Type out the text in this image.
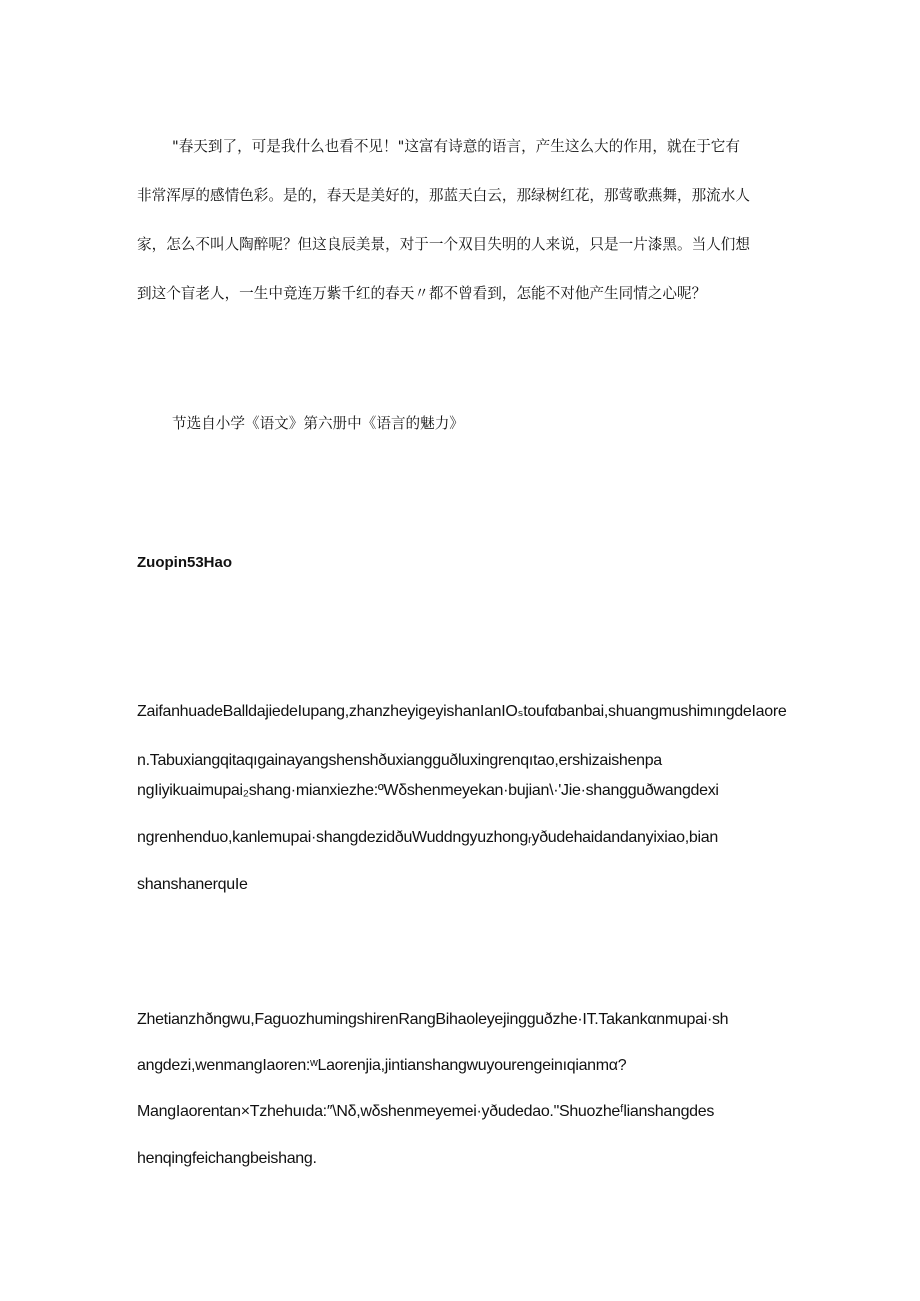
"春天到了，可是我什么也看不见！"这富有诗意的语言，产生这么大的作用，就在于它有
非常浑厚的感情色彩。是的，春天是美好的，那蓝天白云，那绿树红花，那莺歌燕舞，那流水人
家，怎么不叫人陶醉呢？但这良辰美景，对于一个双目失明的人来说，只是一片漆黑。当人们想
到这个盲老人，一生中竟连万紫千红的春天〃都不曾看到，怎能不对他产生同情之心呢？
节选自小学《语文》第六册中《语言的魅力》
Zuopin53Hao
ZaifanhuadeBalldajiedeIupang,zhanzheyigeyishanIanIOₛtoufαbanbai,shuangmushimıngdeIaoren.Tabuxiangqitaqıgainayangshenshðuxiangguðluxingrenqıtao,ershizaishenpa
ngIiyikuaimupai₂shang·mianxiezhe:ºWδshenmeyekan·bujian\·'Jie·shangguðwangdexi
ngrenhenduo,kanlemupai·shangdezidðuWuddngyuzhongᵣyðudehaidandanyixiao,bian
shanshanerquIe
Zhetianzhðngwu,FaguozhumingshirenRangBihaoleyejingguðzhe·IT.Takankαnmupai·sh
angdezi,wenmangIaoren:ʷLaorenjia,jintianshangwuyourengeinıqianmα?
MangIaorentan×Tzhehuıda:″\Nδ,wδshenmeyemei·yðudedao."Shuozheᶠlianshangdes
henqingfeichangbeishang.
